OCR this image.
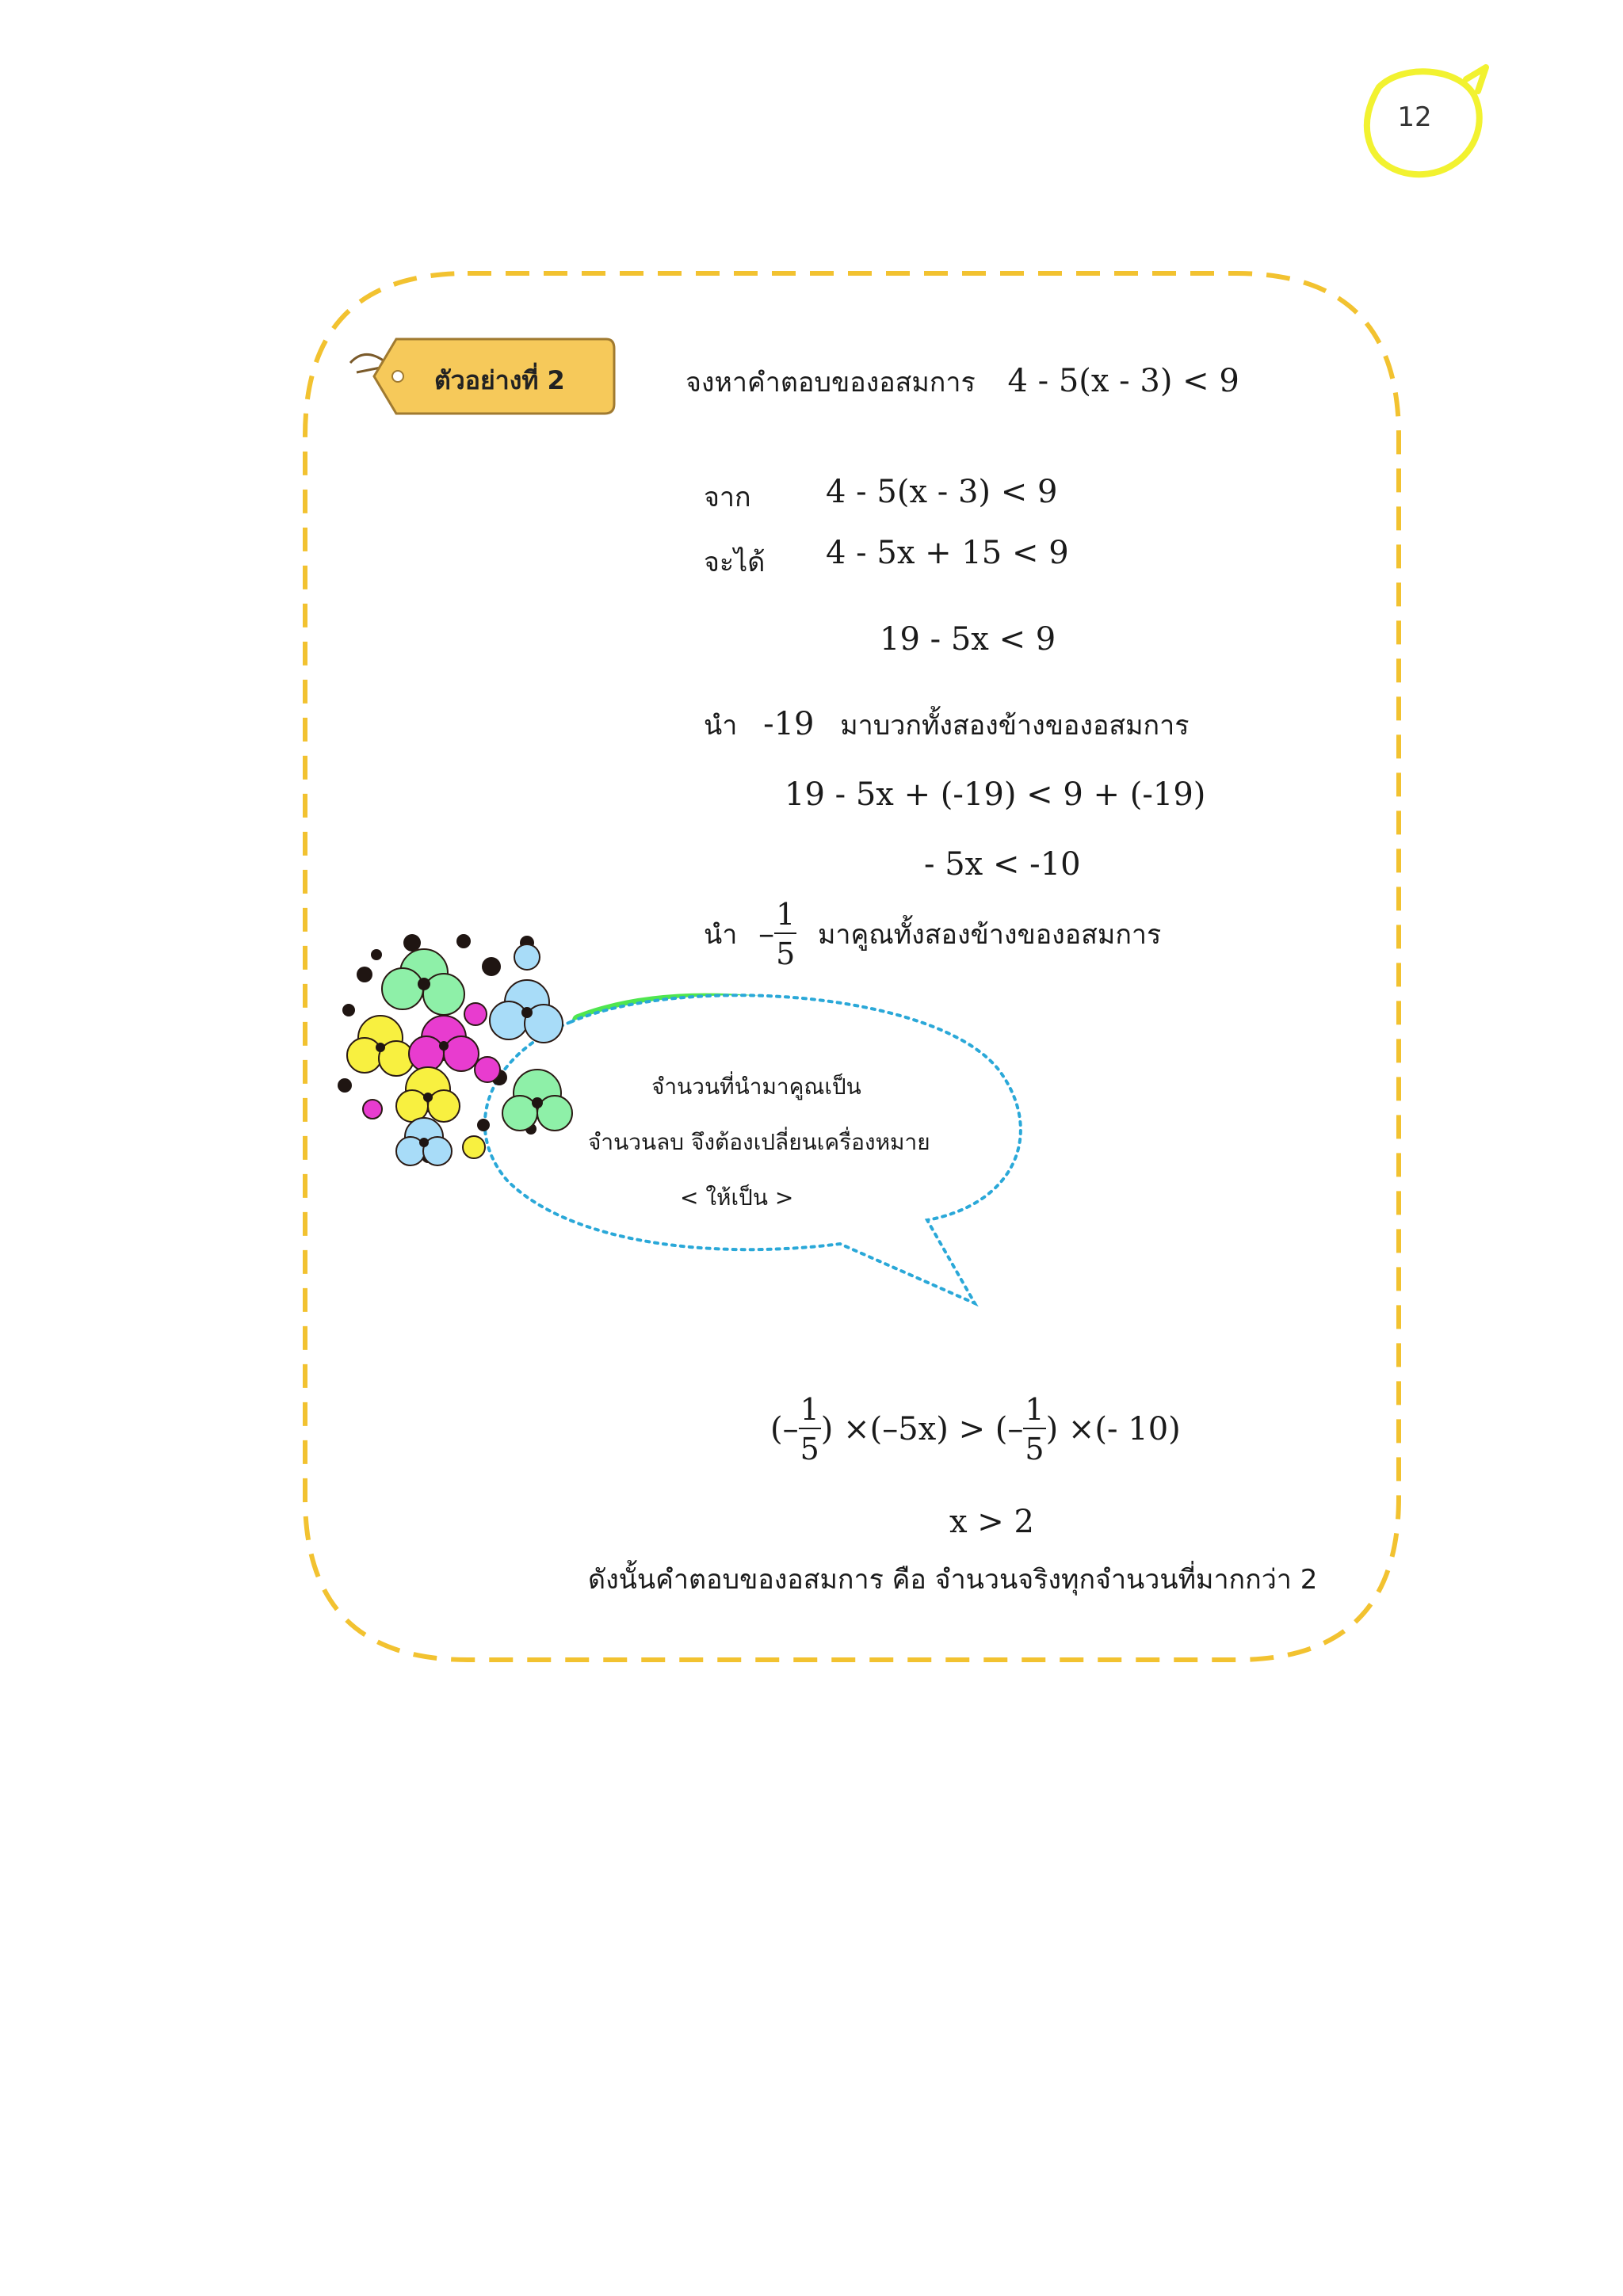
12
ตัวอย่างที่ 2	จงหาคำตอบของอสมการ 4 - 5(x - 3) < 9
จาก 4 - 5(x - 3) < 9
จะได้ 4 - 5x + 15 < 9
19 - 5x < 9
นำ -19 มาบวกทั้งสองข้างของอสมการ
19 - 5x + (-19) < 9 + (-19)
- 5x < -10
นำ – $\frac{1}{5}$ มาคูณทั้งสองข้างของอสมการ
จำนวนที่นำมาคูณเป็น
จำนวนลบ จึงต้องเปลี่ยนเครื่องหมาย
< ให้เป็น >
(– $\frac{1}{5}$ ) ×(–5x) > (– $\frac{1}{5}$ ) ×(- 10)
x > 2
ดังนั้นคำตอบของอสมการ คือ จำนวนจริงทุกจำนวนที่มากกว่า 2
